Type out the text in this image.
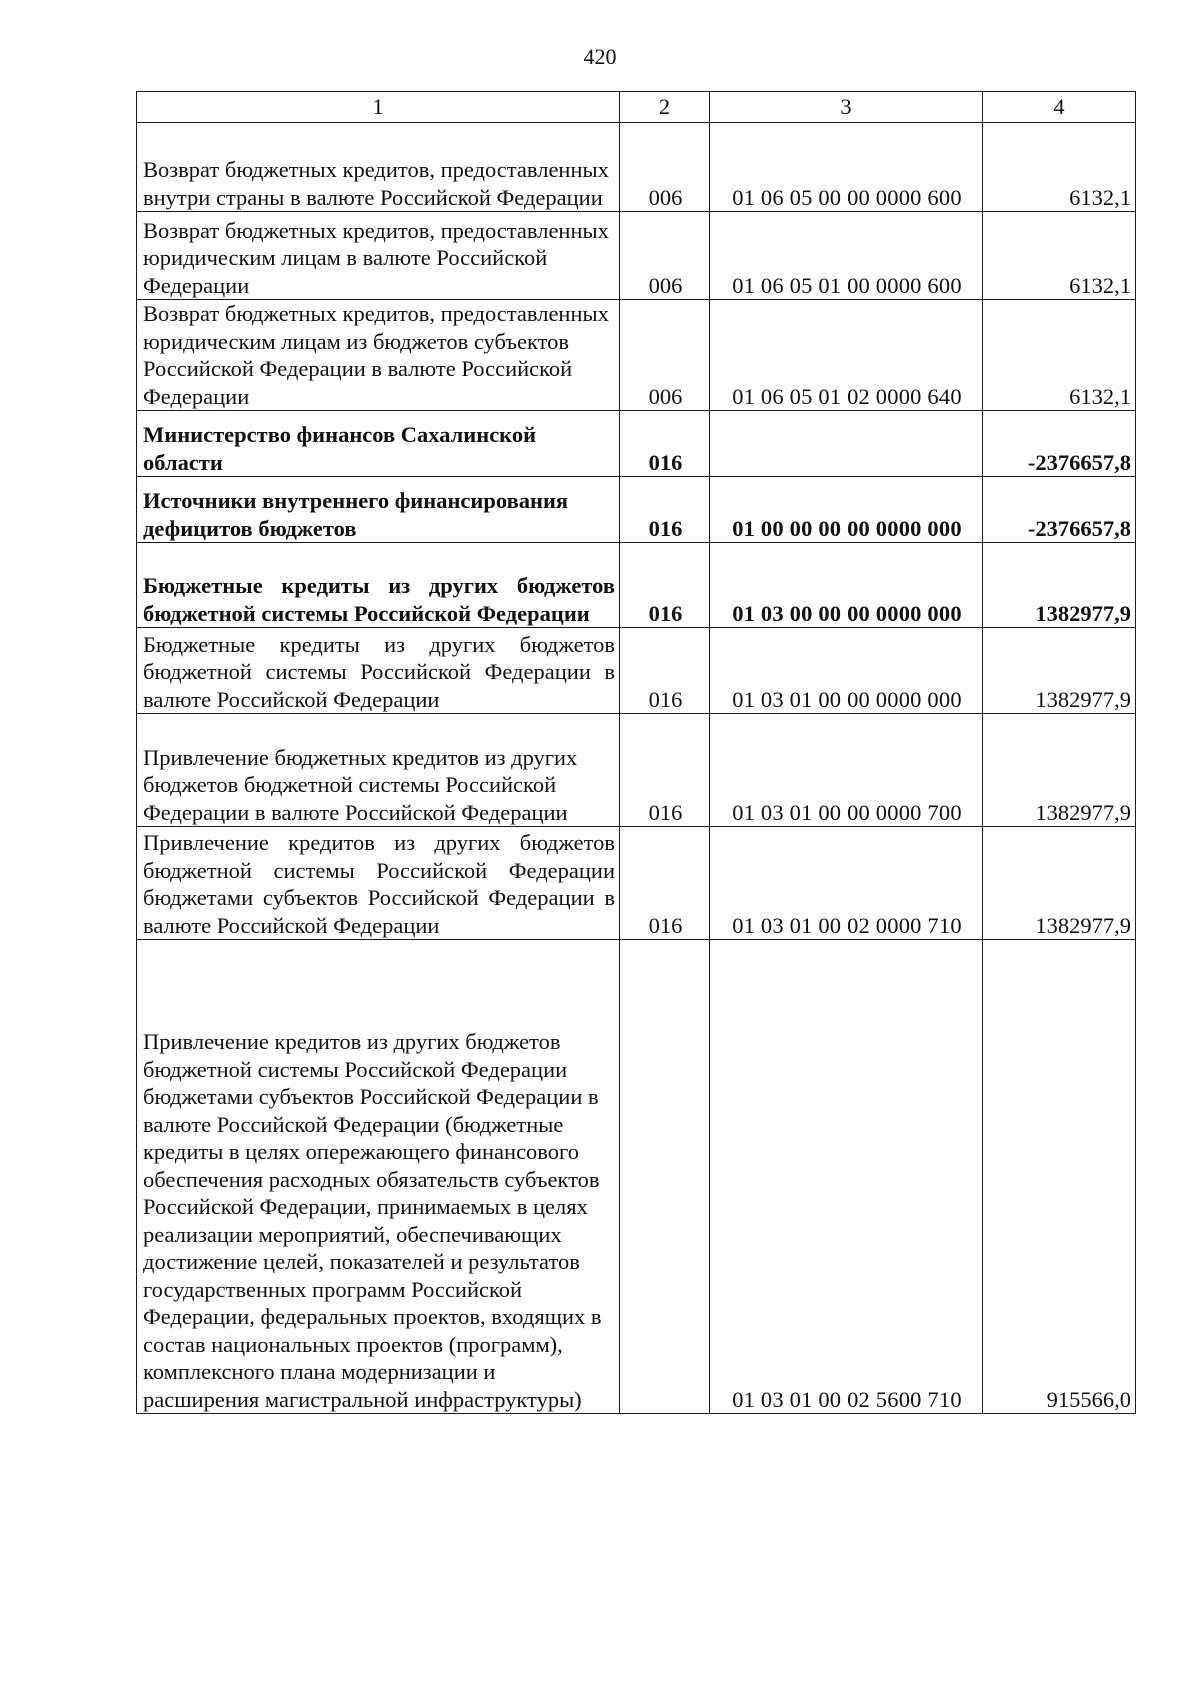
420
1	2	3	4
Возврат бюджетных кредитов, предоставленных внутри страны в валюте Российской Федерации	006	01 06 05 00 00 0000 600	6132,1
Возврат бюджетных кредитов, предоставленных юридическим лицам в валюте Российской Федерации	006	01 06 05 01 00 0000 600	6132,1
Возврат бюджетных кредитов, предоставленных юридическим лицам из бюджетов субъектов Российской Федерации в валюте Российской Федерации	006	01 06 05 01 02 0000 640	6132,1
Министерство финансов Сахалинской области	016		-2376657,8
Источники внутреннего финансирования дефицитов бюджетов	016	01 00 00 00 00 0000 000	-2376657,8
Бюджетные кредиты из других бюджетов бюджетной системы Российской Федерации	016	01 03 00 00 00 0000 000	1382977,9
Бюджетные кредиты из других бюджетов бюджетной системы Российской Федерации в валюте Российской Федерации	016	01 03 01 00 00 0000 000	1382977,9
Привлечение бюджетных кредитов из других бюджетов бюджетной системы Российской Федерации в валюте Российской Федерации	016	01 03 01 00 00 0000 700	1382977,9
Привлечение кредитов из других бюджетов бюджетной системы Российской Федерации бюджетами субъектов Российской Федерации в валюте Российской Федерации	016	01 03 01 00 02 0000 710	1382977,9
Привлечение кредитов из других бюджетов бюджетной системы Российской Федерации бюджетами субъектов Российской Федерации в валюте Российской Федерации (бюджетные кредиты в целях опережающего финансового обеспечения расходных обязательств субъектов Российской Федерации, принимаемых в целях реализации мероприятий, обеспечивающих достижение целей, показателей и результатов государственных программ Российской Федерации, федеральных проектов, входящих в состав национальных проектов (программ), комплексного плана модернизации и расширения магистральной инфраструктуры)		01 03 01 00 02 5600 710	915566,0
